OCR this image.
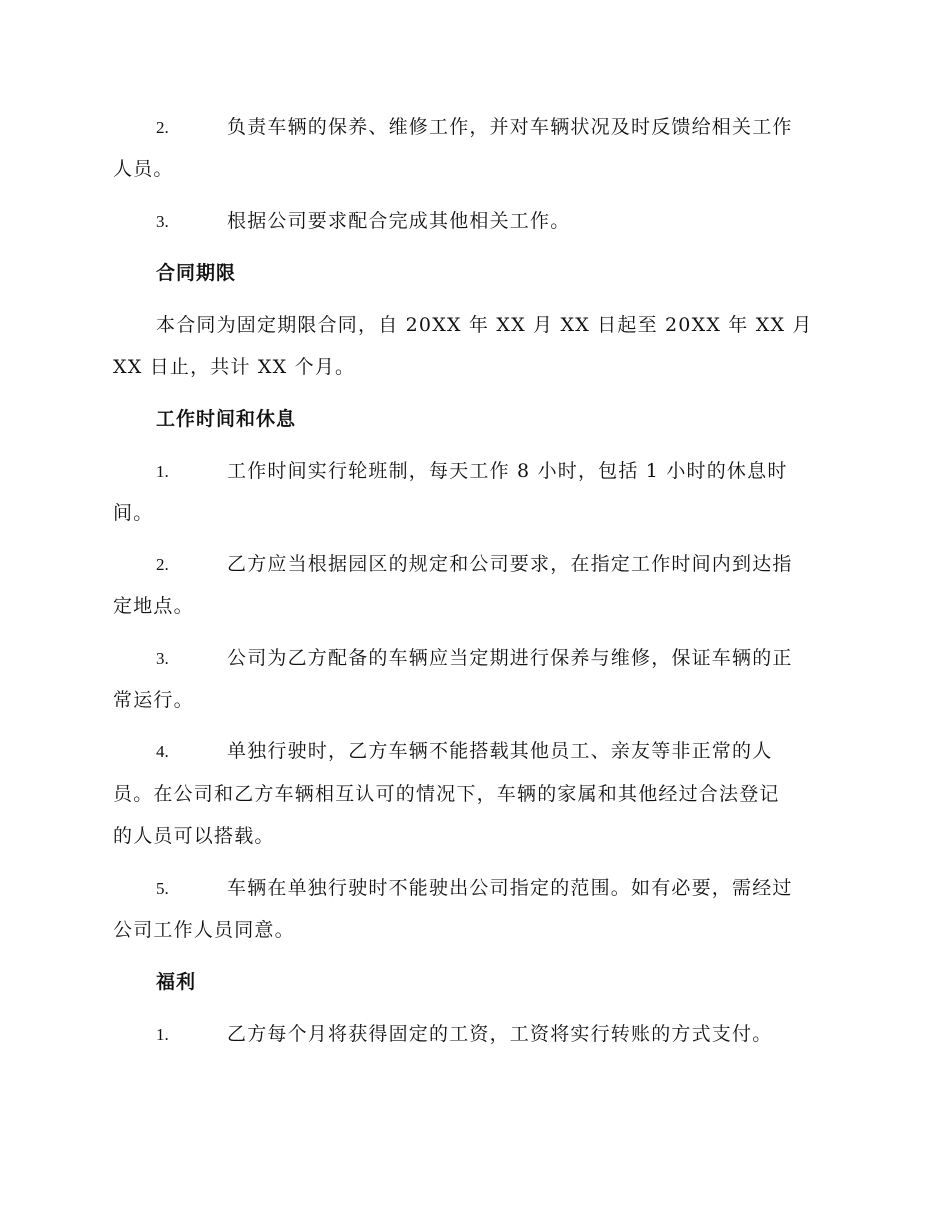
2.	负责车辆的保养、维修工作，并对车辆状况及时反馈给相关工作
人员。
3.	根据公司要求配合完成其他相关工作。
合同期限
本合同为固定期限合同，自 20XX 年 XX 月 XX 日起至 20XX 年 XX 月
XX 日止，共计 XX 个月。
工作时间和休息
1.	工作时间实行轮班制，每天工作 8 小时，包括 1 小时的休息时
间。
2.	乙方应当根据园区的规定和公司要求，在指定工作时间内到达指
定地点。
3.	公司为乙方配备的车辆应当定期进行保养与维修，保证车辆的正
常运行。
4.	单独行驶时，乙方车辆不能搭载其他员工、亲友等非正常的人
员。在公司和乙方车辆相互认可的情况下，车辆的家属和其他经过合法登记
的人员可以搭载。
5.	车辆在单独行驶时不能驶出公司指定的范围。如有必要，需经过
公司工作人员同意。
福利
1.	乙方每个月将获得固定的工资，工资将实行转账的方式支付。
